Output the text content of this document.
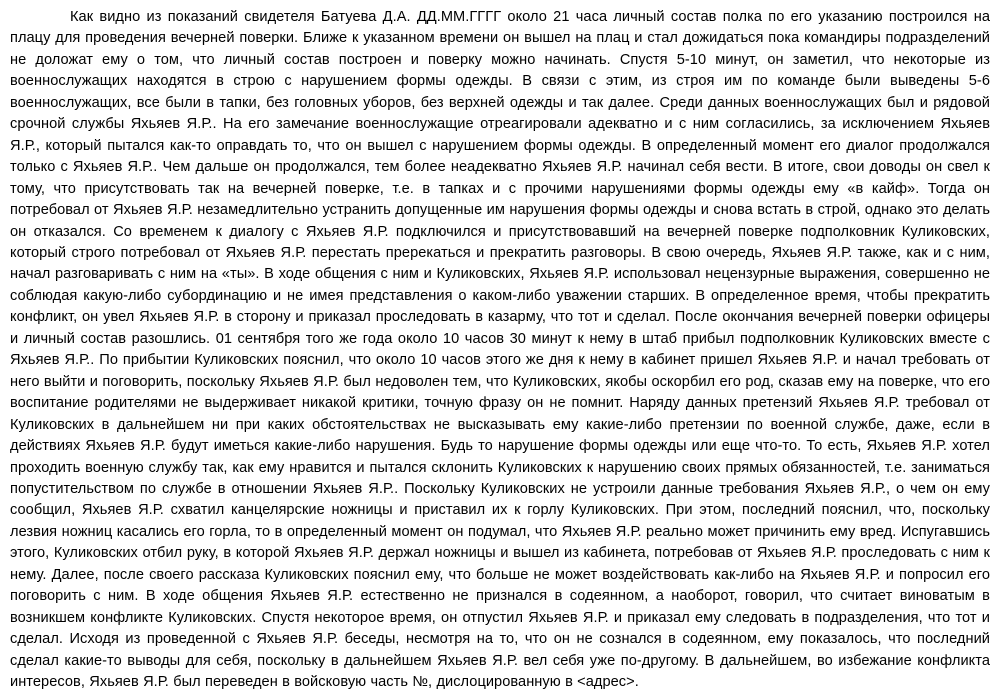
Как видно из показаний свидетеля Батуева Д.А. ДД.ММ.ГГГГ около 21 часа личный состав полка по его указанию построился на плацу для проведения вечерней поверки. Ближе к указанном времени он вышел на плац и стал дожидаться пока командиры подразделений не доложат ему о том, что личный состав построен и поверку можно начинать. Спустя 5-10 минут, он заметил, что некоторые из военнослужащих находятся в строю с нарушением формы одежды. В связи с этим, из строя им по команде были выведены 5-6 военнослужащих, все были в тапки, без головных уборов, без верхней одежды и так далее. Среди данных военнослужащих был и рядовой срочной службы Яхьяев Я.Р.. На его замечание военнослужащие отреагировали адекватно и с ним согласились, за исключением Яхьяев Я.Р., который пытался как-то оправдать то, что он вышел с нарушением формы одежды. В определенный момент его диалог продолжался только с Яхьяев Я.Р.. Чем дальше он продолжался, тем более неадекватно Яхьяев Я.Р. начинал себя вести. В итоге, свои доводы он свел к тому, что присутствовать так на вечерней поверке, т.е. в тапках и с прочими нарушениями формы одежды ему «в кайф». Тогда он потребовал от Яхьяев Я.Р. незамедлительно устранить допущенные им нарушения формы одежды и снова встать в строй, однако это делать он отказался. Со временем к диалогу с Яхьяев Я.Р. подключился и присутствовавший на вечерней поверке подполковник Куликовских, который строго потребовал от Яхьяев Я.Р. перестать пререкаться и прекратить разговоры. В свою очередь, Яхьяев Я.Р. также, как и с ним, начал разговаривать с ним на «ты». В ходе общения с ним и Куликовских, Яхьяев Я.Р. использовал нецензурные выражения, совершенно не соблюдая какую-либо субординацию и не имея представления о каком-либо уважении старших. В определенное время, чтобы прекратить конфликт, он увел Яхьяев Я.Р. в сторону и приказал проследовать в казарму, что тот и сделал. После окончания вечерней поверки офицеры и личный состав разошлись. 01 сентября того же года около 10 часов 30 минут к нему в штаб прибыл подполковник Куликовских вместе с Яхьяев Я.Р.. По прибытии Куликовских пояснил, что около 10 часов этого же дня к нему в кабинет пришел Яхьяев Я.Р. и начал требовать от него выйти и поговорить, поскольку Яхьяев Я.Р. был недоволен тем, что Куликовских, якобы оскорбил его род, сказав ему на поверке, что его воспитание родителями не выдерживает никакой критики, точную фразу он не помнит. Наряду данных претензий Яхьяев Я.Р. требовал от Куликовских в дальнейшем ни при каких обстоятельствах не высказывать ему какие-либо претензии по военной службе, даже, если в действиях Яхьяев Я.Р. будут иметься какие-либо нарушения. Будь то нарушение формы одежды или еще что-то. То есть, Яхьяев Я.Р. хотел проходить военную службу так, как ему нравится и пытался склонить Куликовских к нарушению своих прямых обязанностей, т.е. заниматься попустительством по службе в отношении Яхьяев Я.Р.. Поскольку Куликовских не устроили данные требования Яхьяев Я.Р., о чем он ему сообщил, Яхьяев Я.Р. схватил канцелярские ножницы и приставил их к горлу Куликовских. При этом, последний пояснил, что, поскольку лезвия ножниц касались его горла, то в определенный момент он подумал, что Яхьяев Я.Р. реально может причинить ему вред. Испугавшись этого, Куликовских отбил руку, в которой Яхьяев Я.Р. держал ножницы и вышел из кабинета, потребовав от Яхьяев Я.Р. проследовать с ним к нему. Далее, после своего рассказа Куликовских пояснил ему, что больше не может воздействовать как-либо на Яхьяев Я.Р. и попросил его поговорить с ним. В ходе общения Яхьяев Я.Р. естественно не признался в содеянном, а наоборот, говорил, что считает виноватым в возникшем конфликте Куликовских. Спустя некоторое время, он отпустил Яхьяев Я.Р. и приказал ему следовать в подразделения, что тот и сделал. Исходя из проведенной с Яхьяев Я.Р. беседы, несмотря на то, что он не сознался в содеянном, ему показалось, что последний сделал какие-то выводы для себя, поскольку в дальнейшем Яхьяев Я.Р. вел себя уже по-другому. В дальнейшем, во избежание конфликта интересов, Яхьяев Я.Р. был переведен в войсковую часть №, дислоцированную в <адрес>.
